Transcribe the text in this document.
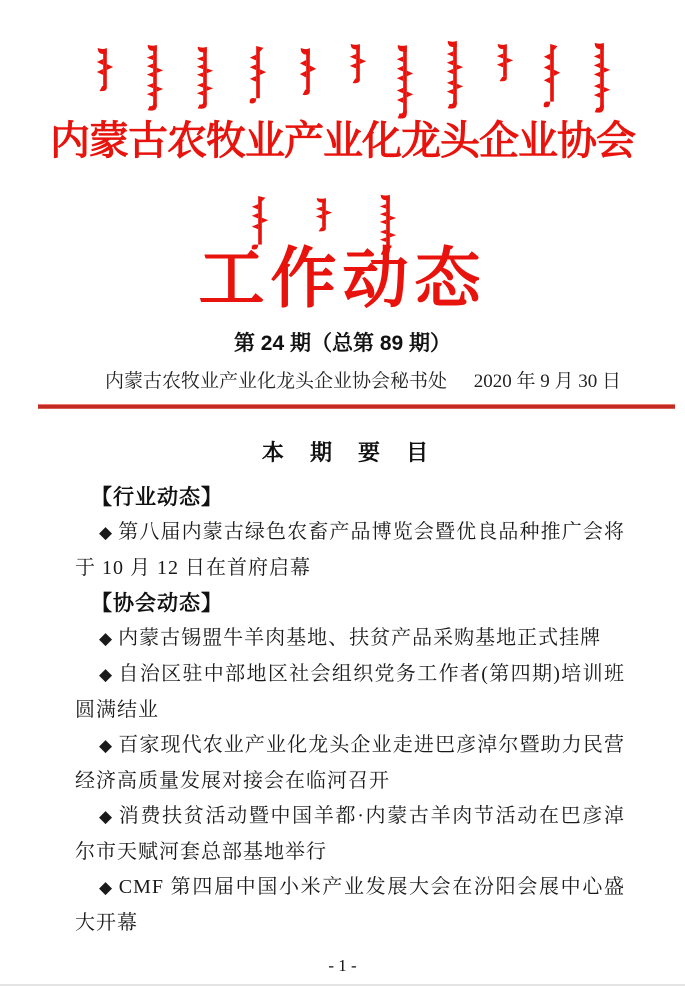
内蒙古农牧业产业化龙头企业协会
工作动态
第 24 期（总第 89 期）
内蒙古农牧业产业化龙头企业协会秘书处 2020 年 9 月 30 日
本 期 要 目

【行业动态】

◆ 第八届内蒙古绿色农畜产品博览会暨优良品种推广会将于 10 月 12 日在首府启幕

【协会动态】

◆ 内蒙古锡盟牛羊肉基地、扶贫产品采购基地正式挂牌

◆ 自治区驻中部地区社会组织党务工作者(第四期)培训班圆满结业

◆ 百家现代农业产业化龙头企业走进巴彦淖尔暨助力民营经济高质量发展对接会在临河召开

◆ 消费扶贫活动暨中国羊都·内蒙古羊肉节活动在巴彦淖尔市天赋河套总部基地举行

◆ CMF 第四届中国小米产业发展大会在汾阳会展中心盛大开幕

- 1 -
